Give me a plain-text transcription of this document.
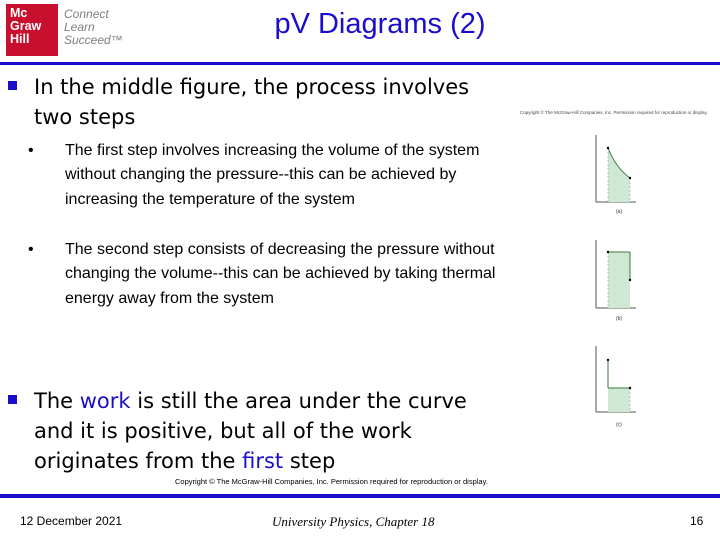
Mc
Graw
Hill
Connect
Learn
Succeed™	pV Diagrams (2)
In the middle figure, the process involves two steps
• The first step involves increasing the volume of the system without changing the pressure--this can be achieved by increasing the temperature of the system
• The second step consists of decreasing the pressure without changing the volume--this can be achieved by taking thermal energy away from the system
The work is still the area under the curve and it is positive, but all of the work originates from the first step
Copyright © The McGraw-Hill Companies, Inc. Permission required for reproduction or display.
(a)
(b)
(c)
Copyright © The McGraw-Hill Companies, Inc. Permission required for reproduction or display.
12 December 2021	University Physics, Chapter 18	16
